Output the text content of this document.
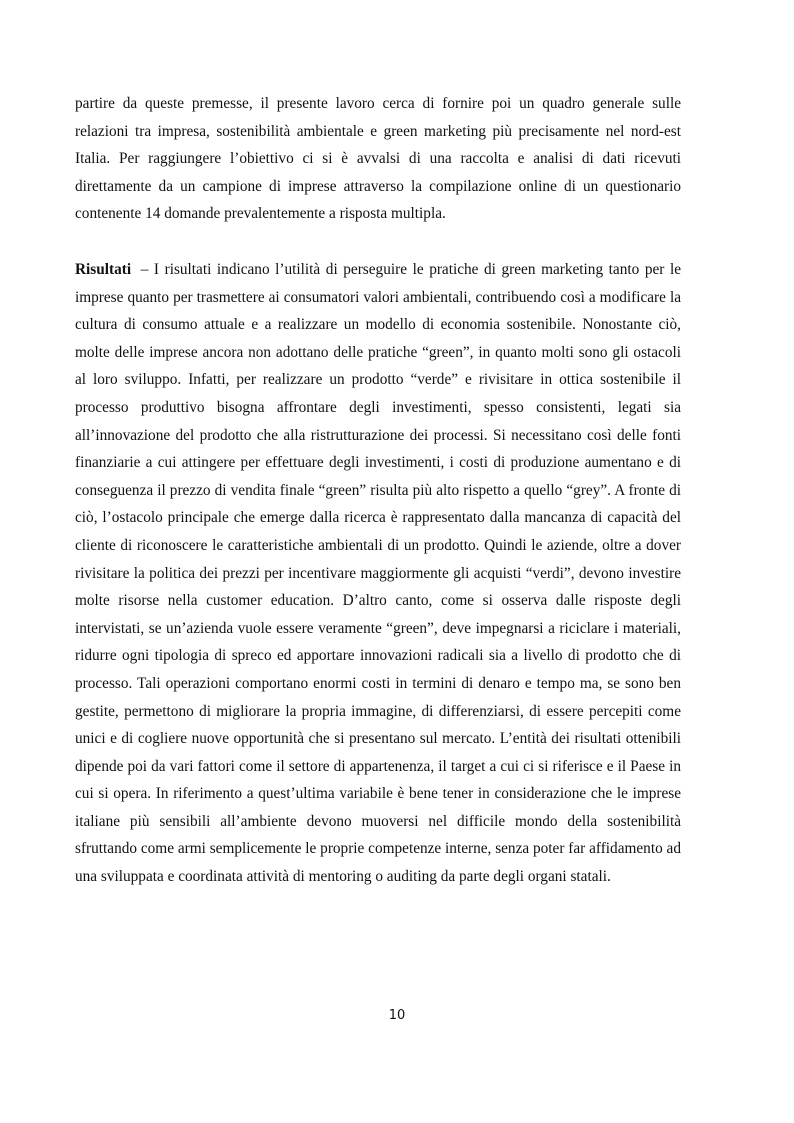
partire da queste premesse, il presente lavoro cerca di fornire poi un quadro generale sulle relazioni tra impresa, sostenibilità ambientale e green marketing più precisamente nel nord-est Italia. Per raggiungere l’obiettivo ci si è avvalsi di una raccolta e analisi di dati ricevuti direttamente da un campione di imprese attraverso la compilazione online di un questionario contenente 14 domande prevalentemente a risposta multipla.

Risultati – I risultati indicano l’utilità di perseguire le pratiche di green marketing tanto per le imprese quanto per trasmettere ai consumatori valori ambientali, contribuendo così a modificare la cultura di consumo attuale e a realizzare un modello di economia sostenibile. Nonostante ciò, molte delle imprese ancora non adottano delle pratiche “green”, in quanto molti sono gli ostacoli al loro sviluppo. Infatti, per realizzare un prodotto “verde” e rivisitare in ottica sostenibile il processo produttivo bisogna affrontare degli investimenti, spesso consistenti, legati sia all’innovazione del prodotto che alla ristrutturazione dei processi. Si necessitano così delle fonti finanziarie a cui attingere per effettuare degli investimenti, i costi di produzione aumentano e di conseguenza il prezzo di vendita finale “green” risulta più alto rispetto a quello “grey”. A fronte di ciò, l’ostacolo principale che emerge dalla ricerca è rappresentato dalla mancanza di capacità del cliente di riconoscere le caratteristiche ambientali di un prodotto. Quindi le aziende, oltre a dover rivisitare la politica dei prezzi per incentivare maggiormente gli acquisti “verdi”, devono investire molte risorse nella customer education. D’altro canto, come si osserva dalle risposte degli intervistati, se un’azienda vuole essere veramente “green”, deve impegnarsi a riciclare i materiali, ridurre ogni tipologia di spreco ed apportare innovazioni radicali sia a livello di prodotto che di processo. Tali operazioni comportano enormi costi in termini di denaro e tempo ma, se sono ben gestite, permettono di migliorare la propria immagine, di differenziarsi, di essere percepiti come unici e di cogliere nuove opportunità che si presentano sul mercato. L’entità dei risultati ottenibili dipende poi da vari fattori come il settore di appartenenza, il target a cui ci si riferisce e il Paese in cui si opera. In riferimento a quest’ultima variabile è bene tener in considerazione che le imprese italiane più sensibili all’ambiente devono muoversi nel difficile mondo della sostenibilità sfruttando come armi semplicemente le proprie competenze interne, senza poter far affidamento ad una sviluppata e coordinata attività di mentoring o auditing da parte degli organi statali.

10
